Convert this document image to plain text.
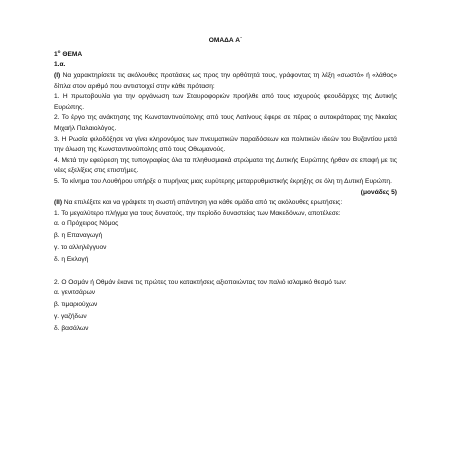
ΟΜΑΔΑ Α΄

$1^o$ ΘΕΜΑ

1.α.

(Ι) Να χαρακτηρίσετε τις ακόλουθες προτάσεις ως προς την ορθότητά τους, γράφοντας τη λέξη «σωστό» ή «λάθος» δίπλα στον αριθμό που αντιστοιχεί στην κάθε πρόταση:

1. Η πρωτοβουλία για την οργάνωση των Σταυροφοριών προήλθε από τους ισχυρούς φεουδάρχες της Δυτικής Ευρώπης.

2. Το έργο της ανάκτησης της Κωνσταντινούπολης από τους Λατίνους έφερε σε πέρας ο αυτοκράτορας της Νικαίας Μιχαήλ Παλαιολόγος.

3. Η Ρωσία φιλοδόξησε να γίνει κληρονόμος των πνευματικών παραδόσεων και πολιτικών ιδεών του Βυζαντίου μετά την άλωση της Κωνσταντινούπολης από τους Οθωμανούς.

4. Μετά την εφεύρεση της τυπογραφίας όλα τα πληθυσμιακά στρώματα της Δυτικής Ευρώπης ήρθαν σε επαφή με τις νέες εξελίξεις στις επιστήμες.

5. Το κίνημα του Λουθήρου υπήρξε ο πυρήνας μιας ευρύτερης μεταρρυθμιστικής έκρηξης σε όλη τη Δυτική Ευρώπη.

(μονάδες 5)

(ΙΙ) Να επιλέξετε και να γράψετε τη σωστή απάντηση για κάθε ομάδα από τις ακόλουθες ερωτήσεις:

1. Το μεγαλύτερο πλήγμα για τους δυνατούς, την περίοδο δυναστείας των Μακεδόνων, αποτέλεσε:

α. ο Πρόχειρος Νόμος

β. η Επαναγωγή

γ. το αλληλέγγυον

δ. η Εκλογή

2. Ο Οσμάν ή Οθμάν έκανε τις πρώτες του κατακτήσεις αξιοποιώντας τον παλιό ισλαμικό θεσμό των:

α. γενιτσάρων

β. τιμαριούχων

γ. γαζήδων

δ. βασάλων
